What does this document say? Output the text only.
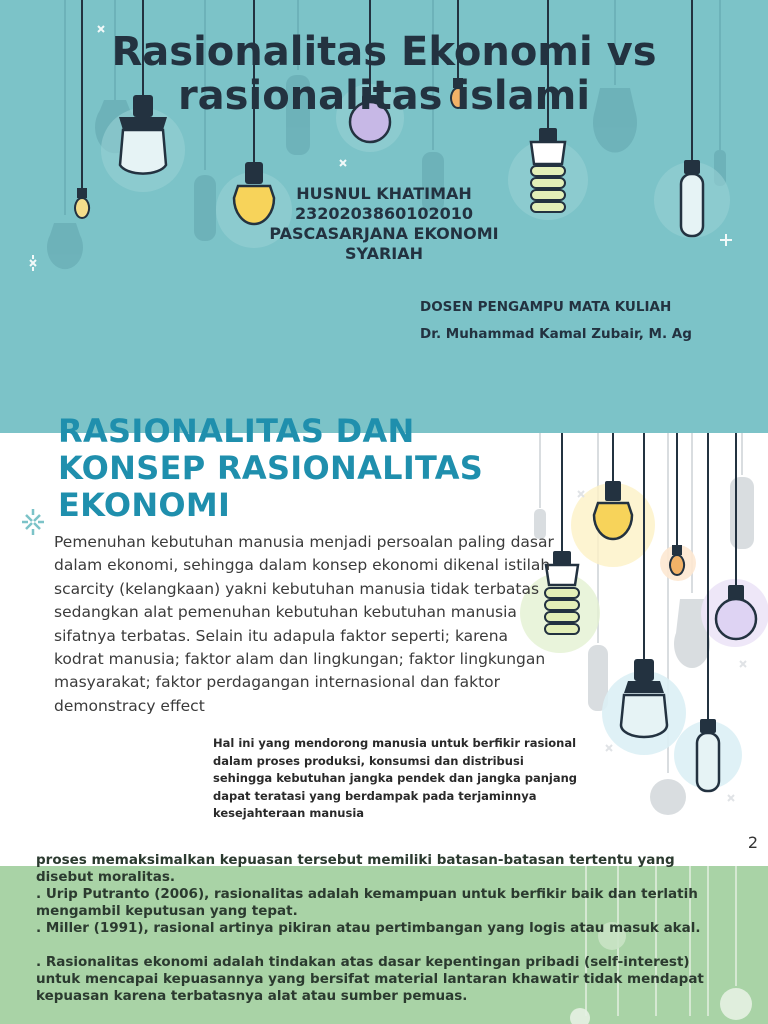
Rasionalitas Ekonomi vs
rasionalitas islami
HUSNUL KHATIMAH
2320203860102010
PASCASARJANA EKONOMI
SYARIAH
DOSEN PENGAMPU MATA KULIAH
Dr. Muhammad Kamal Zubair, M. Ag
RASIONALITAS DAN
KONSEP RASIONALITAS
EKONOMI
Pemenuhan kebutuhan manusia menjadi persoalan paling dasar dalam ekonomi, sehingga dalam konsep ekonomi dikenal istilah scarcity (kelangkaan) yakni kebutuhan manusia tidak terbatas sedangkan alat pemenuhan kebutuhan kebutuhan manusia sifatnya terbatas. Selain itu adapula faktor seperti; karena kodrat manusia; faktor alam dan lingkungan; faktor lingkungan masyarakat; faktor perdagangan internasional dan faktor demonstracy effect
Hal ini yang mendorong manusia untuk berfikir rasional dalam proses produksi, konsumsi dan distribusi sehingga kebutuhan jangka pendek dan jangka panjang dapat teratasi yang berdampak pada terjaminnya kesejahteraan manusia
2

proses memaksimalkan kepuasan tersebut memiliki batasan-batasan tertentu yang

disebut moralitas.

. Urip Putranto (2006), rasionalitas adalah kemampuan untuk berfikir baik dan terlatih

mengambil keputusan yang tepat.

. Miller (1991), rasional artinya pikiran atau pertimbangan yang logis atau masuk akal.

. Rasionalitas ekonomi adalah tindakan atas dasar kepentingan pribadi (self-interest)

untuk mencapai kepuasannya yang bersifat material lantaran khawatir tidak mendapat

kepuasan karena terbatasnya alat atau sumber pemuas.
